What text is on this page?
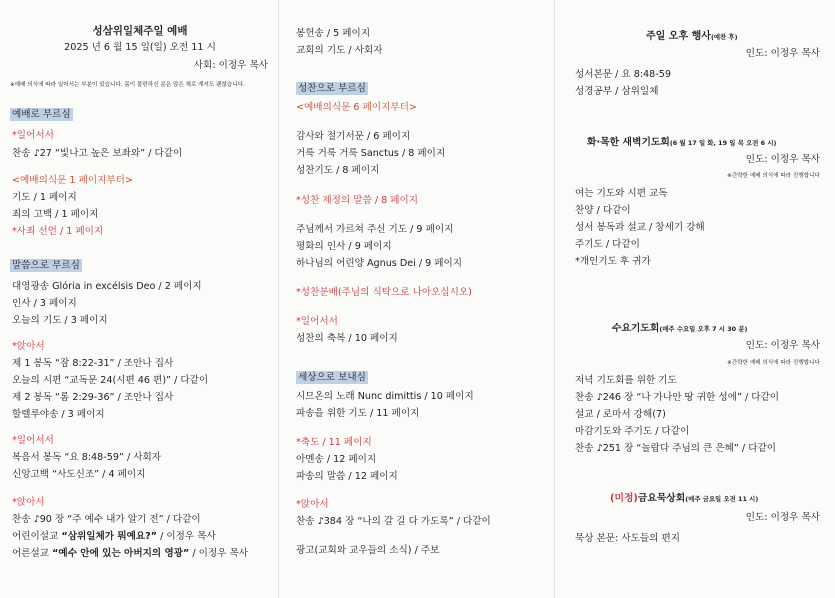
성삼위일체주일 예배
2025 년 6 월 15 일(일) 오전 11 시
사회: 이정우 목사
※예배 의식에 따라 일어서는 부분이 있습니다. 몸이 불편하신 분은 앉은 채로 계셔도 괜찮습니다.
예배로 부르심
*일어서서
찬송 ♪27 “빛나고 높은 보좌와” / 다같이
<예배의식문 1 페이지부터>
기도 / 1 페이지
죄의 고백 / 1 페이지
*사죄 선언 / 1 페이지
말씀으로 부르심
대영광송 Glória in excélsis Deo / 2 페이지
인사 / 3 페이지
오늘의 기도 / 3 페이지
*앉아서
제 1 봉독 “잠 8:22-31” / 조안나 집사
오늘의 시편 “교독문 24(시편 46 편)” / 다같이
제 2 봉독 “롬 2:29-36” / 조안나 집사
할렐루야송 / 3 페이지
*일어서서
복음서 봉독 “요 8:48-59” / 사회자
신앙고백 “사도신조” / 4 페이지
*앉아서
찬송 ♪90 장 “주 예수 내가 알기 전” / 다같이
어린이설교 “삼위일체가 뭐예요?” / 이정우 목사
어른설교 “예수 안에 있는 아버지의 영광” / 이정우 목사
봉헌송 / 5 페이지
교회의 기도 / 사회자
성찬으로 부르심
<예배의식문 6 페이지부터>
감사와 절기서문 / 6 페이지
거룩 거룩 거룩 Sanctus / 8 페이지
성찬기도 / 8 페이지
*성찬 제정의 말씀 / 8 페이지
주님께서 가르쳐 주신 기도 / 9 페이지
평화의 인사 / 9 페이지
하나님의 어린양 Agnus Dei / 9 페이지
*성찬분배(주님의 식탁으로 나아오십시오)
*일어서서
성찬의 축복 / 10 페이지
세상으로 보내심
시므온의 노래 Nunc dimittis / 10 페이지
파송을 위한 기도 / 11 페이지
*축도 / 11 페이지
아멘송 / 12 페이지
파송의 말씀 / 12 페이지
*앉아서
찬송 ♪384 장 “나의 갈 길 다 가도록” / 다같이
광고(교회와 교우들의 소식) / 주보
주일 오후 행사(예찬 후)
인도: 이정우 목사
성서본문 / 요 8:48-59
성경공부 / 삼위일체
화·목한 새벽기도회(6 월 17 일 화, 19 일 목 오전 6 시)
인도: 이정우 목사
※간략한 예배 의식에 따라 진행합니다
여는 기도와 시편 교독
찬양 / 다같이
성서 봉독과 설교 / 창세기 강해
주기도 / 다같이
*개인기도 후 귀가
수요기도회(매주 수요일 오후 7 시 30 분)
인도: 이정우 목사
※간략한 예배 의식에 따라 진행합니다
저녁 기도회를 위한 기도
찬송 ♪246 장 “나 가나안 땅 귀한 성에” / 다같이
설교 / 로마서 강해(7)
마감기도와 주기도 / 다같이
찬송 ♪251 장 “놀랍다 주님의 큰 은혜” / 다같이
(미정)금요묵상회(매주 금요일 오전 11 시)
인도: 이정우 목사
묵상 본문: 사도들의 편지
